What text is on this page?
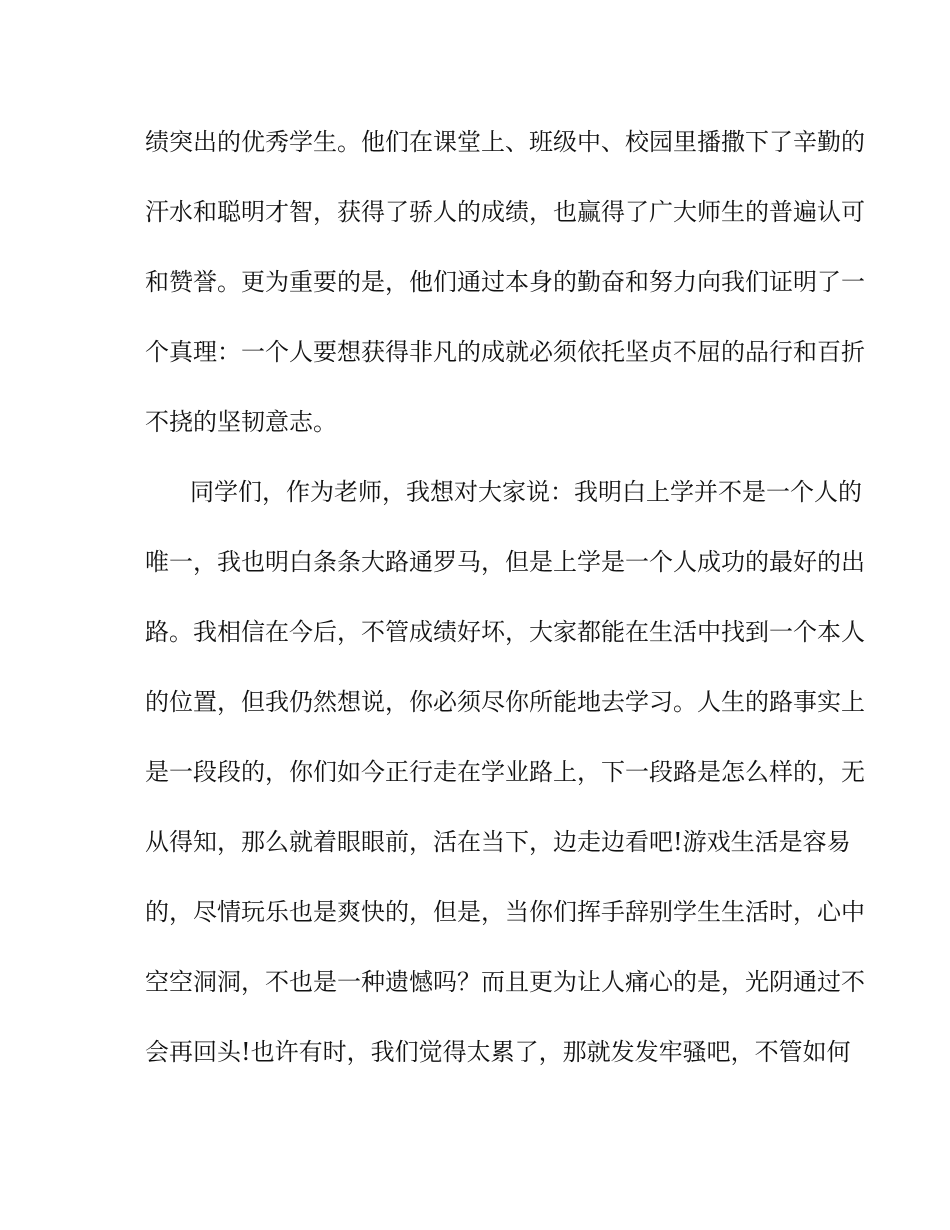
绩突出的优秀学生。他们在课堂上、班级中、校园里播撒下了辛勤的
汗水和聪明才智，获得了骄人的成绩，也赢得了广大师生的普遍认可
和赞誉。更为重要的是，他们通过本身的勤奋和努力向我们证明了一
个真理：一个人要想获得非凡的成就必须依托坚贞不屈的品行和百折
不挠的坚韧意志。
同学们，作为老师，我想对大家说：我明白上学并不是一个人的
唯一，我也明白条条大路通罗马，但是上学是一个人成功的最好的出
路。我相信在今后，不管成绩好坏，大家都能在生活中找到一个本人
的位置，但我仍然想说，你必须尽你所能地去学习。人生的路事实上
是一段段的，你们如今正行走在学业路上，下一段路是怎么样的，无
从得知，那么就着眼眼前，活在当下，边走边看吧!游戏生活是容易
的，尽情玩乐也是爽快的，但是，当你们挥手辞别学生生活时，心中
空空洞洞，不也是一种遗憾吗？而且更为让人痛心的是，光阴通过不
会再回头!也许有时，我们觉得太累了，那就发发牢骚吧，不管如何
